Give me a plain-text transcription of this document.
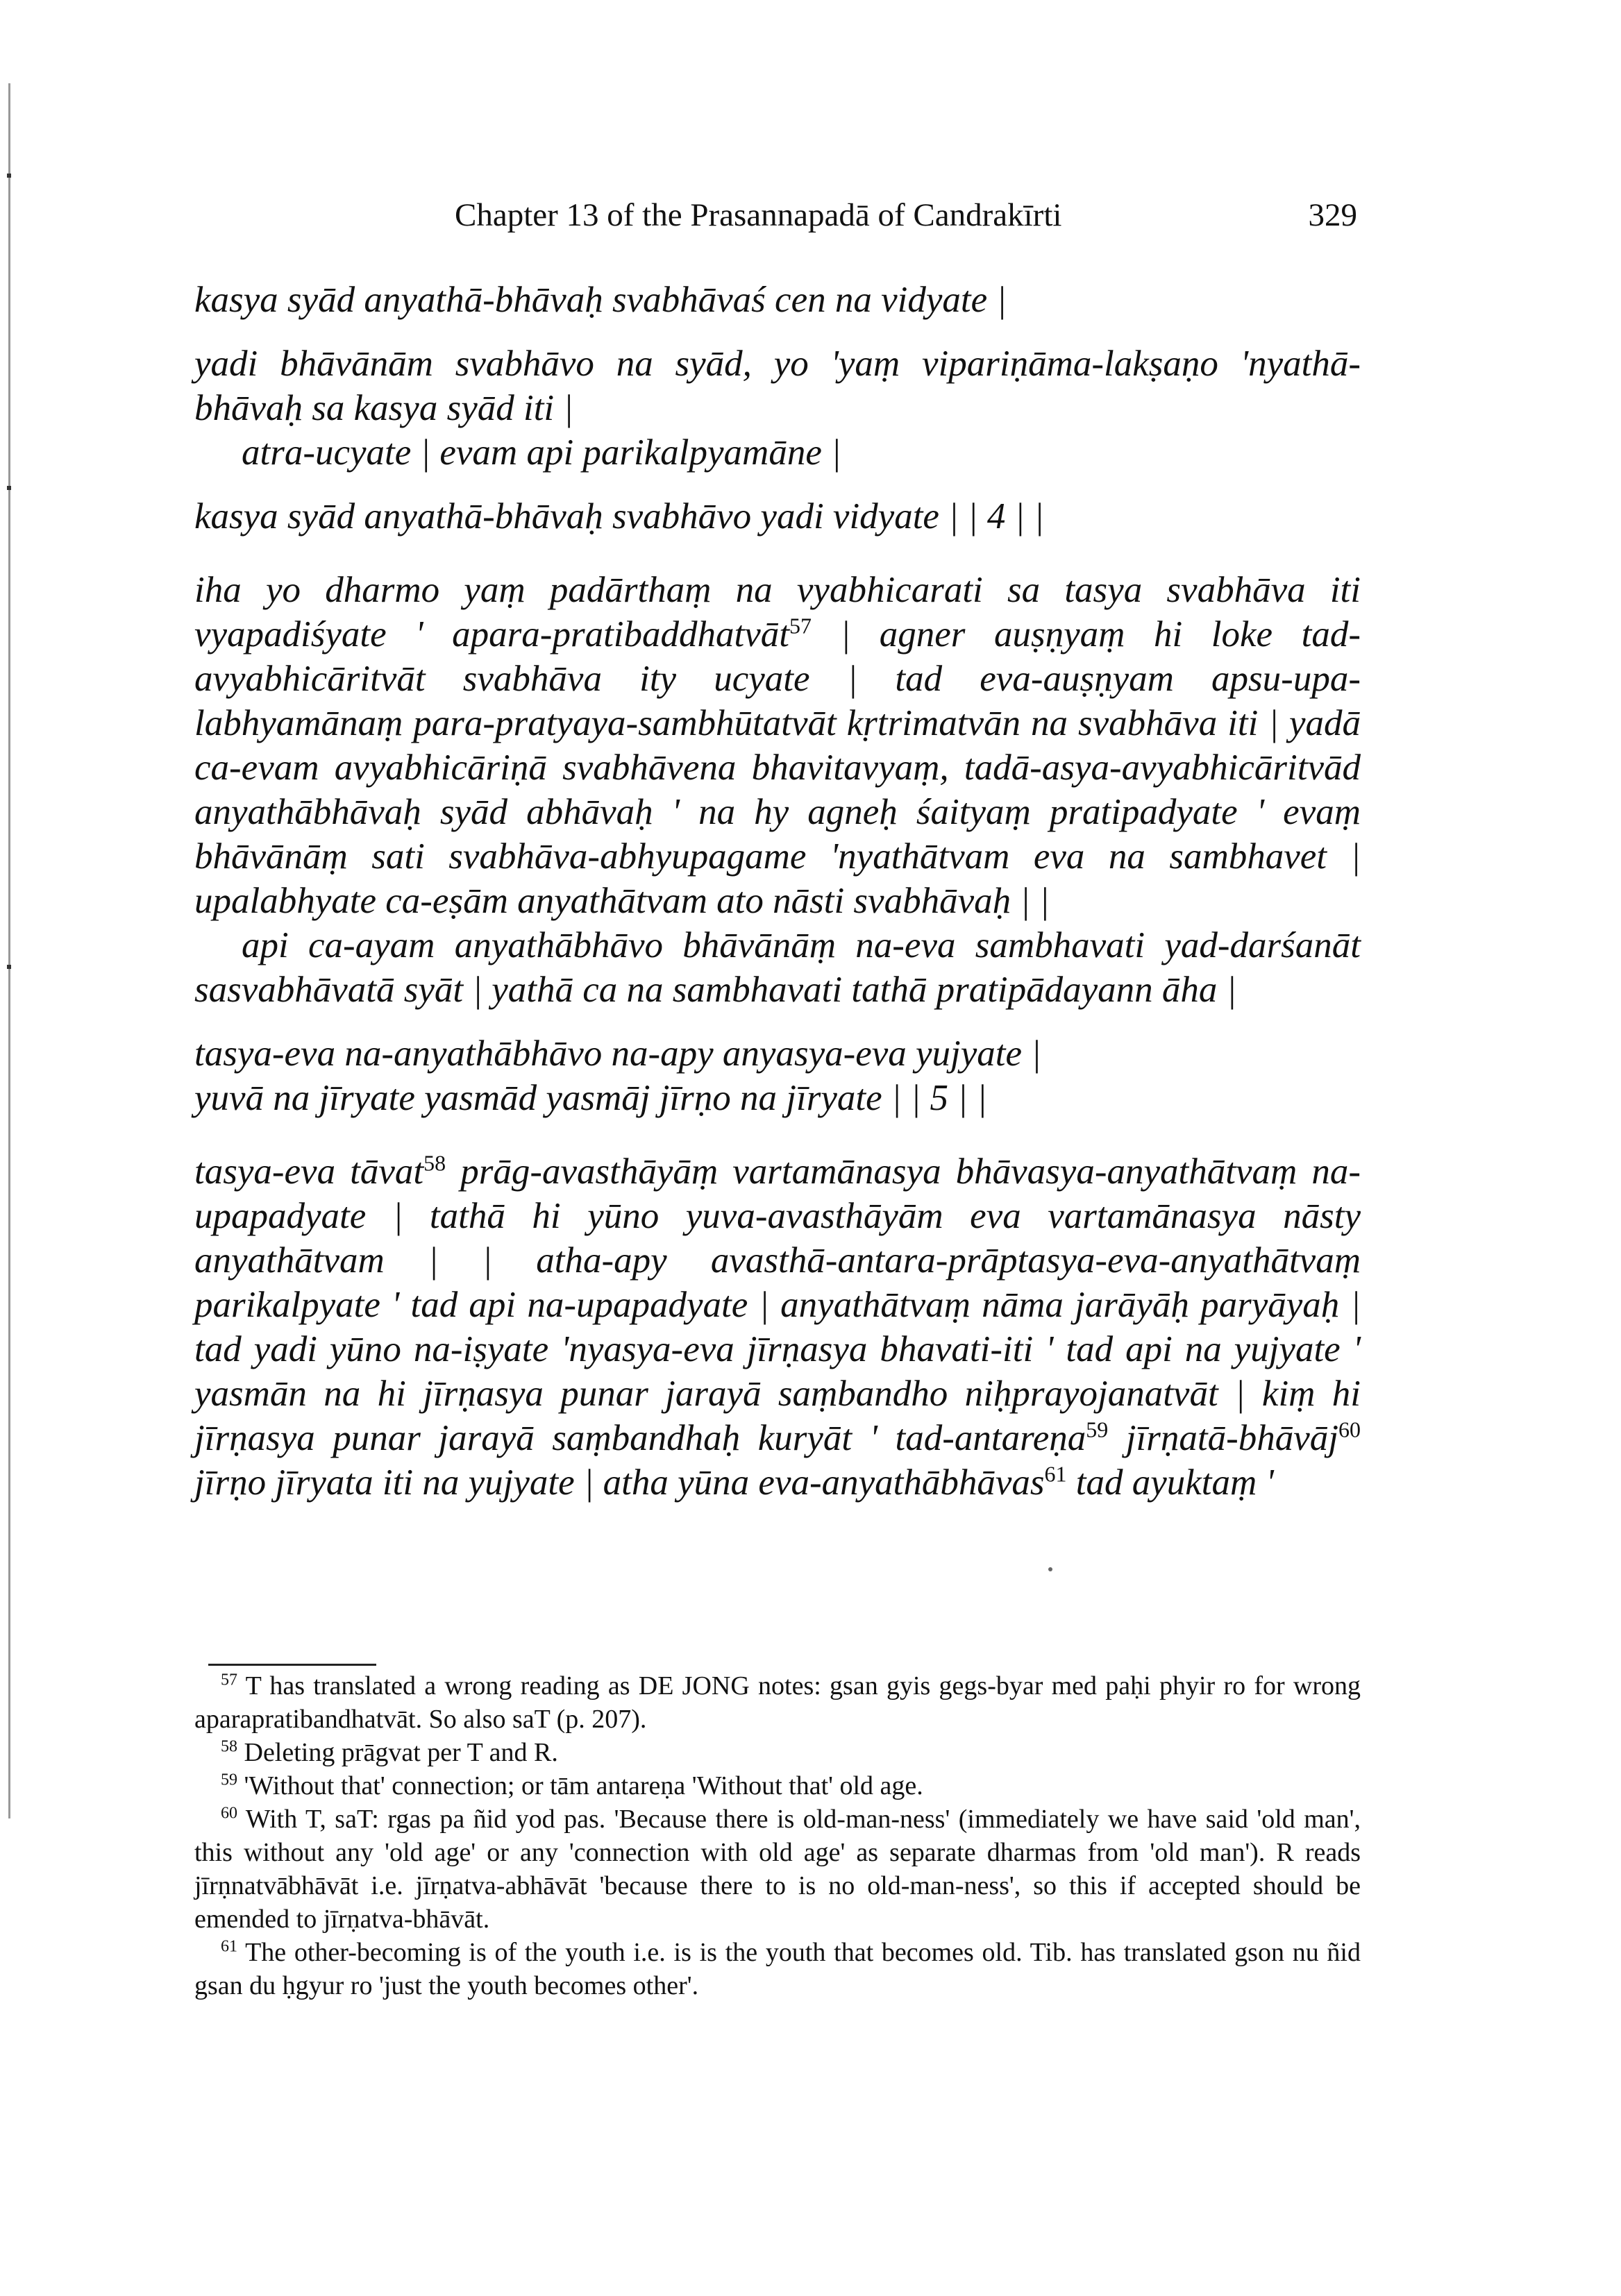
Chapter 13 of the Prasannapadā of Candrakīrti	329

kasya syād anyathā-bhāvaḥ svabhāvaś cen na vidyate |

yadi bhāvānām svabhāvo na syād, yo 'yaṃ vipariṇāma-lakṣaṇo 'nyathā-bhāvaḥ sa kasya syād iti |

atra-ucyate | evam api parikalpyamāne |

kasya syād anyathā-bhāvaḥ svabhāvo yadi vidyate | | 4 | |

iha yo dharmo yaṃ padārthaṃ na vyabhicarati sa tasya svabhāva iti vyapadiśyate ' apara-pratibaddhatvāt$^{57}$ | agner auṣṇyaṃ hi loke tad-avyabhicāritvāt svabhāva ity ucyate | tad eva-auṣṇyam apsu-upa-labhyamānaṃ para-pratyaya-sambhūtatvāt kṛtrimatvān na svabhāva iti | yadā ca-evam avyabhicāriṇā svabhāvena bhavitavyaṃ, tadā-asya-avyabhicāritvād anyathābhāvaḥ syād abhāvaḥ ' na hy agneḥ śaityaṃ pratipadyate ' evaṃ bhāvānāṃ sati svabhāva-abhyupagame 'nyathātvam eva na sambhavet | upalabhyate ca-eṣām anyathātvam ato nāsti svabhāvaḥ | |

api ca-ayam anyathābhāvo bhāvānāṃ na-eva sambhavati yad-darśanāt sasvabhāvatā syāt | yathā ca na sambhavati tathā pratipādayann āha |

tasya-eva na-anyathābhāvo na-apy anyasya-eva yujyate |

yuvā na jīryate yasmād yasmāj jīrṇo na jīryate | | 5 | |

tasya-eva tāvat$^{58}$ prāg-avasthāyāṃ vartamānasya bhāvasya-anyathātvaṃ na-upapadyate | tathā hi yūno yuva-avasthāyām eva vartamānasya nāsty anyathātvam | | atha-apy avasthā-antara-prāptasya-eva-anyathātvaṃ parikalpyate ' tad api na-upapadyate | anyathātvaṃ nāma jarāyāḥ paryāyaḥ | tad yadi yūno na-iṣyate 'nyasya-eva jīrṇasya bhavati-iti ' tad api na yujyate ' yasmān na hi jīrṇasya punar jarayā saṃbandho niḥprayojanatvāt | kiṃ hi jīrṇasya punar jarayā saṃbandhaḥ kuryāt ' tad-antareṇa$^{59}$ jīrṇatā-bhāvāj$^{60}$ jīrṇo jīryata iti na yujyate | atha yūna eva-anyathābhāvas$^{61}$ tad ayuktaṃ '

$^{57}$ T has translated a wrong reading as DE JONG notes: gsan gyis gegs-byar med paḥi phyir ro for wrong aparapratibandhatvāt. So also saT (p. 207).

$^{58}$ Deleting prāgvat per T and R.

$^{59}$ 'Without that' connection; or tām antareṇa 'Without that' old age.

$^{60}$ With T, saT: rgas pa ñid yod pas. 'Because there is old-man-ness' (immediately we have said 'old man', this without any 'old age' or any 'connection with old age' as separate dharmas from 'old man'). R reads jīrṇnatvābhāvāt i.e. jīrṇatva-abhāvāt 'because there to is no old-man-ness', so this if accepted should be emended to jīrṇatva-bhāvāt.

$^{61}$ The other-becoming is of the youth i.e. is is the youth that becomes old. Tib. has translated gson nu ñid gsan du ḥgyur ro 'just the youth becomes other'.
